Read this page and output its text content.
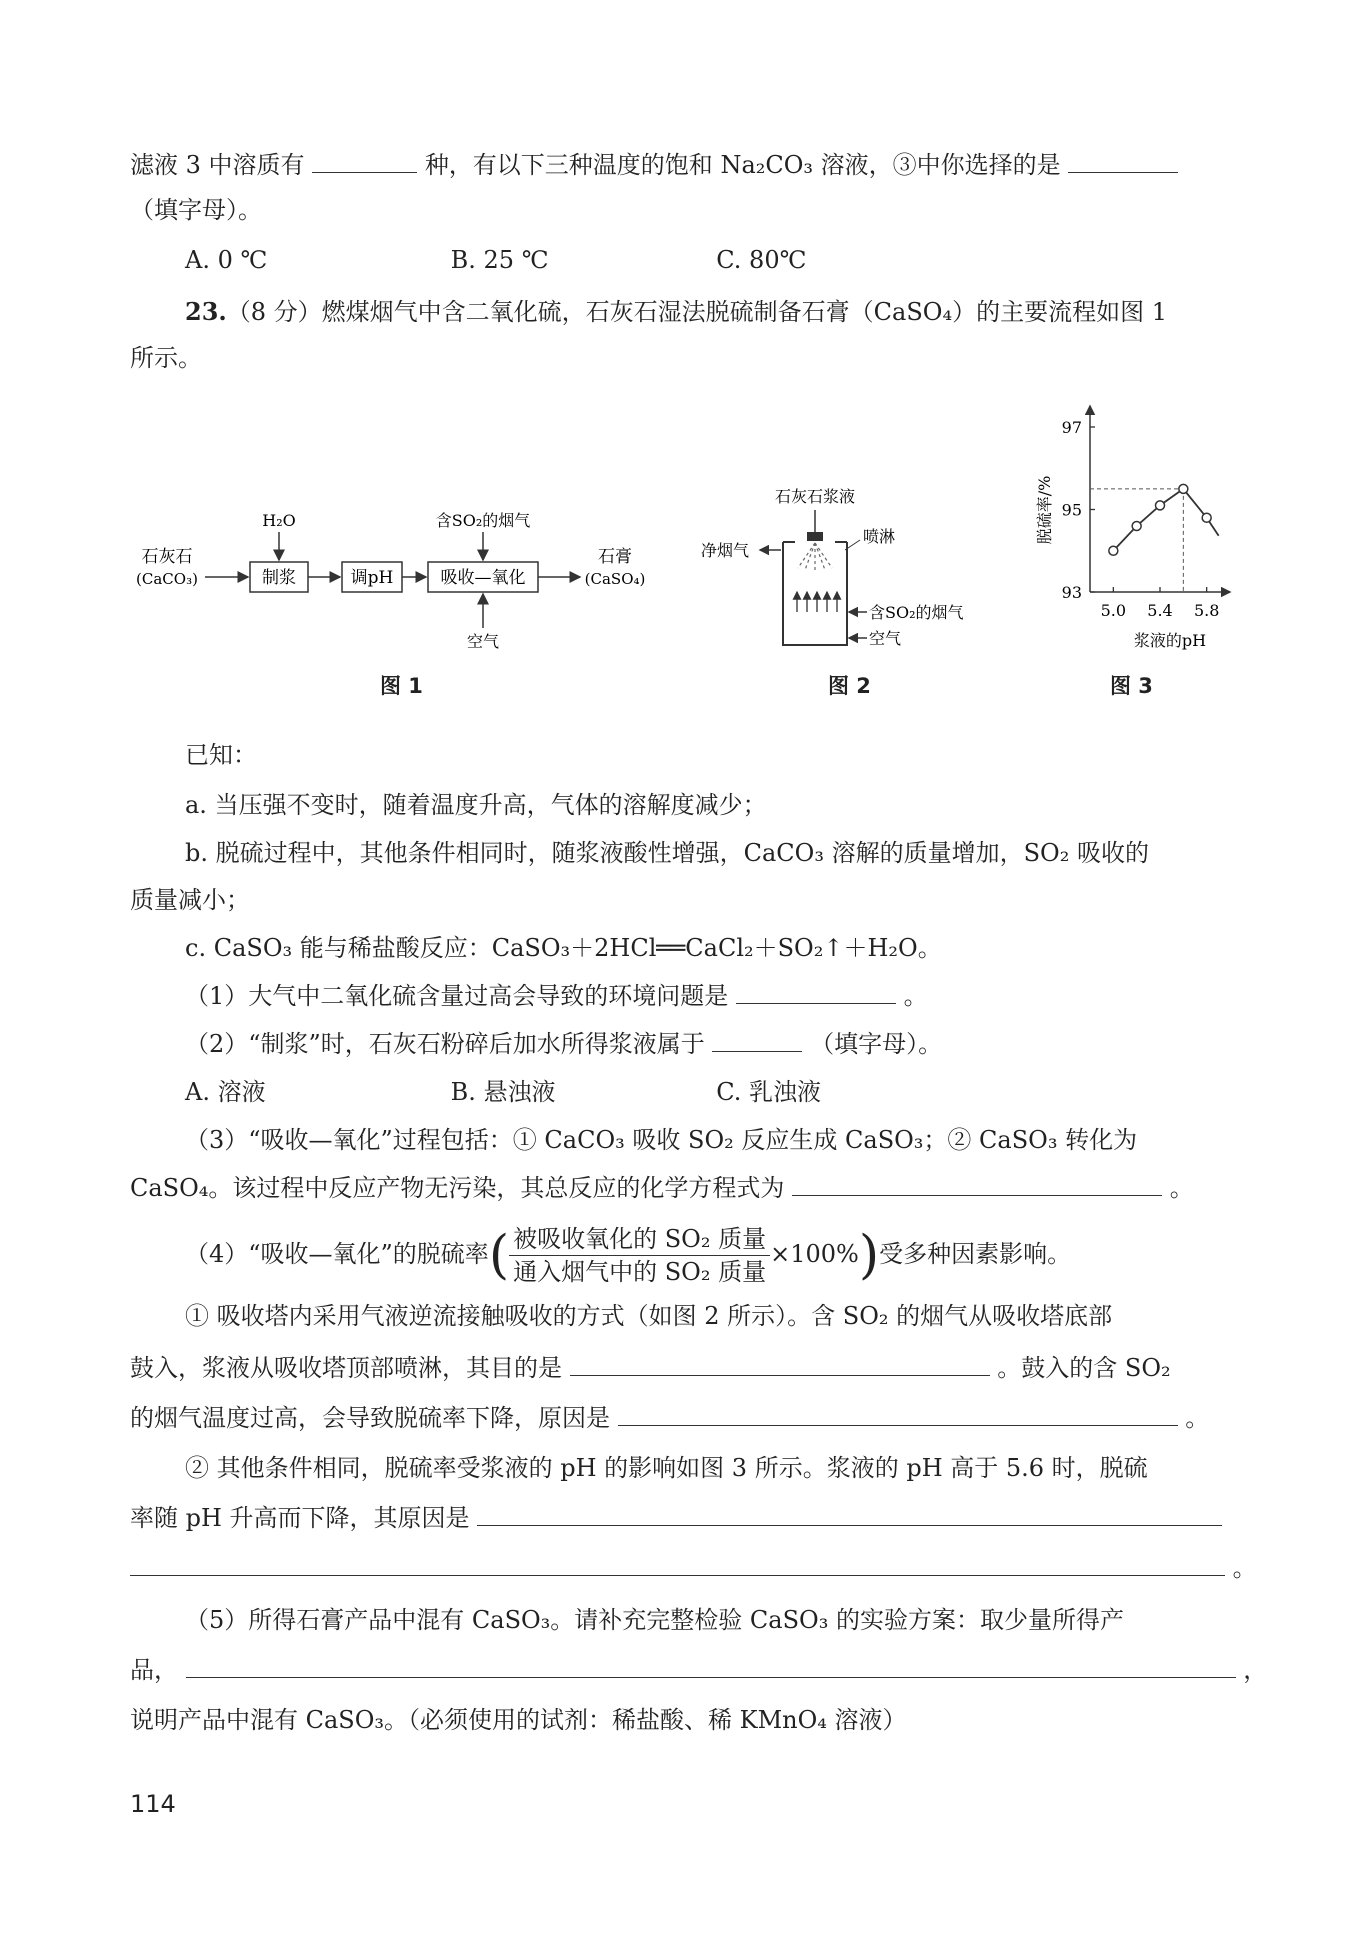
滤液 3 中溶质有	种，有以下三种温度的饱和 Na₂CO₃ 溶液，③中你选择的是
（填字母）。
A. 0 ℃	B. 25 ℃	C. 80℃
23.（8 分）燃煤烟气中含二氧化硫，石灰石湿法脱硫制备石膏（CaSO₄）的主要流程如图 1
所示。
石灰石
(CaCO₃)	制浆	调pH	吸收—氧化
石膏
(CaSO₄)
H₂O	含SO₂的烟气
空气
图 1
石灰石浆液
净烟气
喷淋
含SO₂的烟气
空气
图 2
脱硫率/%
浆液的pH
97
95
93
5.0 5.4 5.8
图 3
已知：
a. 当压强不变时，随着温度升高，气体的溶解度减少；
b. 脱硫过程中，其他条件相同时，随浆液酸性增强，CaCO₃ 溶解的质量增加，SO₂ 吸收的
质量减小；
c. CaSO₃ 能与稀盐酸反应：CaSO₃＋2HCl══CaCl₂＋SO₂↑＋H₂O。
（1）大气中二氧化硫含量过高会导致的环境问题是	。
（2）“制浆”时，石灰石粉碎后加水所得浆液属于	（填字母）。
A. 溶液	B. 悬浊液	C. 乳浊液
（3）“吸收—氧化”过程包括：① CaCO₃ 吸收 SO₂ 反应生成 CaSO₃；② CaSO₃ 转化为
CaSO₄。该过程中反应产物无污染，其总反应的化学方程式为	。
（4）“吸收—氧化”的脱硫率( $\frac{\text{被吸收氧化的 SO₂ 质量}}{\text{通入烟气中的 SO₂ 质量}} \times 100\%$)受多种因素影响。
① 吸收塔内采用气液逆流接触吸收的方式（如图 2 所示）。含 SO₂ 的烟气从吸收塔底部
鼓入，浆液从吸收塔顶部喷淋，其目的是	。鼓入的含 SO₂
的烟气温度过高，会导致脱硫率下降，原因是	。
② 其他条件相同，脱硫率受浆液的 pH 的影响如图 3 所示。浆液的 pH 高于 5.6 时，脱硫
率随 pH 升高而下降，其原因是
。
（5）所得石膏产品中混有 CaSO₃。请补充完整检验 CaSO₃ 的实验方案：取少量所得产
品，	，
说明产品中混有 CaSO₃。（必须使用的试剂：稀盐酸、稀 KMnO₄ 溶液）
114
